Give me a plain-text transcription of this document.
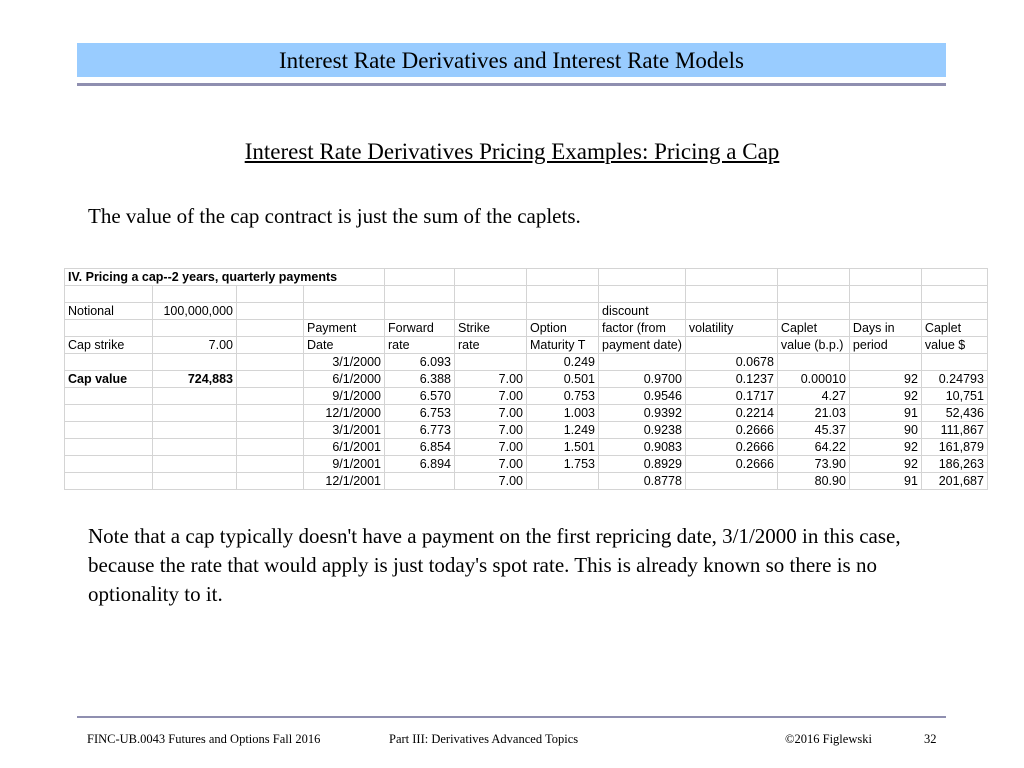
Interest Rate Derivatives and Interest Rate Models
Interest Rate Derivatives Pricing Examples: Pricing a Cap
The value of the cap contract is just the sum of the caplets.
IV. Pricing a cap--2 years, quarterly payments											

Notional	100,000,000						discount				
			Payment	Forward	Strike	Option	factor (from	volatility	Caplet	Days in	Caplet
Cap strike	7.00		Date	rate	rate	Maturity T	payment date)		value (b.p.)	period	value $
			3/1/2000	6.093		0.249		0.0678			
Cap value	724,883		6/1/2000	6.388	7.00	0.501	0.9700	0.1237	0.00010	92	0.24793
			9/1/2000	6.570	7.00	0.753	0.9546	0.1717	4.27	92	10,751
			12/1/2000	6.753	7.00	1.003	0.9392	0.2214	21.03	91	52,436
			3/1/2001	6.773	7.00	1.249	0.9238	0.2666	45.37	90	111,867
			6/1/2001	6.854	7.00	1.501	0.9083	0.2666	64.22	92	161,879
			9/1/2001	6.894	7.00	1.753	0.8929	0.2666	73.90	92	186,263
			12/1/2001		7.00		0.8778		80.90	91	201,687
Note that a cap typically doesn't have a payment on the first repricing date, 3/1/2000 in this case, because the rate that would apply is just today's spot rate. This is already known so there is no optionality to it.
FINC-UB.0043 Futures and Options Fall 2016	Part III: Derivatives Advanced Topics	©2016 Figlewski	32
